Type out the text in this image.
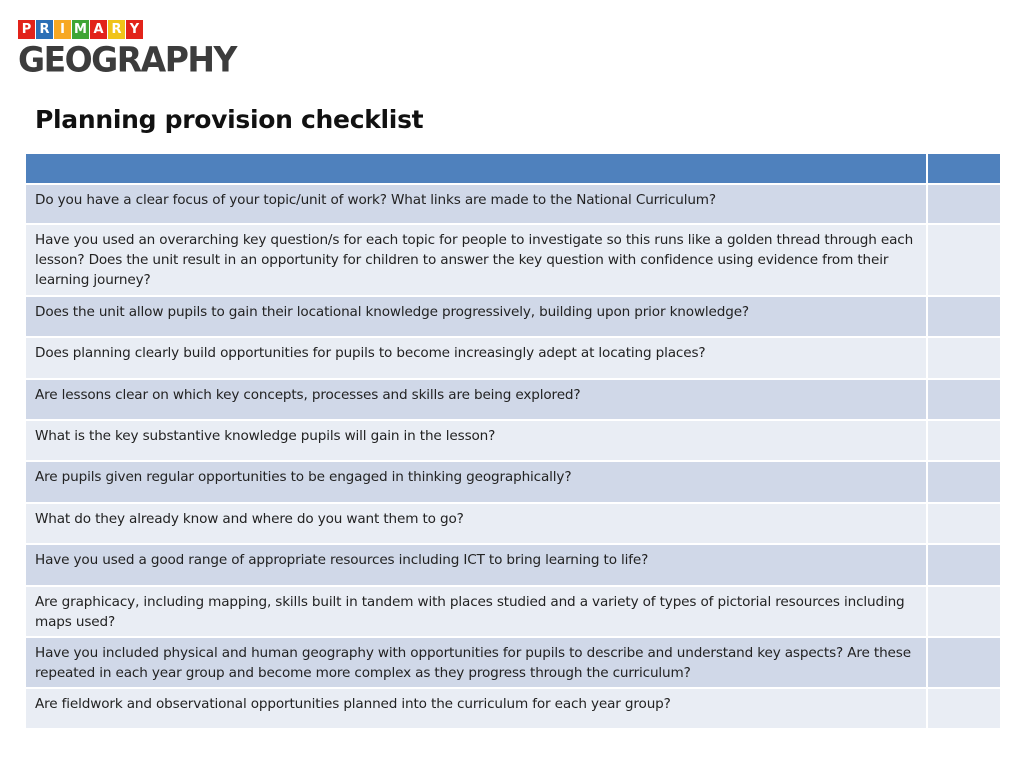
P R I M A R Y
GEOGRAPHY
Planning provision checklist

Do you have a clear focus of your topic/unit of work? What links are made to the National Curriculum?	
Have you used an overarching key question/s for each topic for people to investigate so this runs like a golden thread through each lesson? Does the unit result in an opportunity for children to answer the key question with confidence using evidence from their learning journey?	
Does the unit allow pupils to gain their locational knowledge progressively, building upon prior knowledge?	
Does planning clearly build opportunities for pupils to become increasingly adept at locating places?	
Are lessons clear on which key concepts, processes and skills are being explored?	
What is the key substantive knowledge pupils will gain in the lesson?	
Are pupils given regular opportunities to be engaged in thinking geographically?	
What do they already know and where do you want them to go?	
Have you used a good range of appropriate resources including ICT to bring learning to life?	
Are graphicacy, including mapping, skills built in tandem with places studied and a variety of types of pictorial resources including maps used?	
Have you included physical and human geography with opportunities for pupils to describe and understand key aspects? Are these repeated in each year group and become more complex as they progress through the curriculum?	
Are fieldwork and observational opportunities planned into the curriculum for each year group?	
